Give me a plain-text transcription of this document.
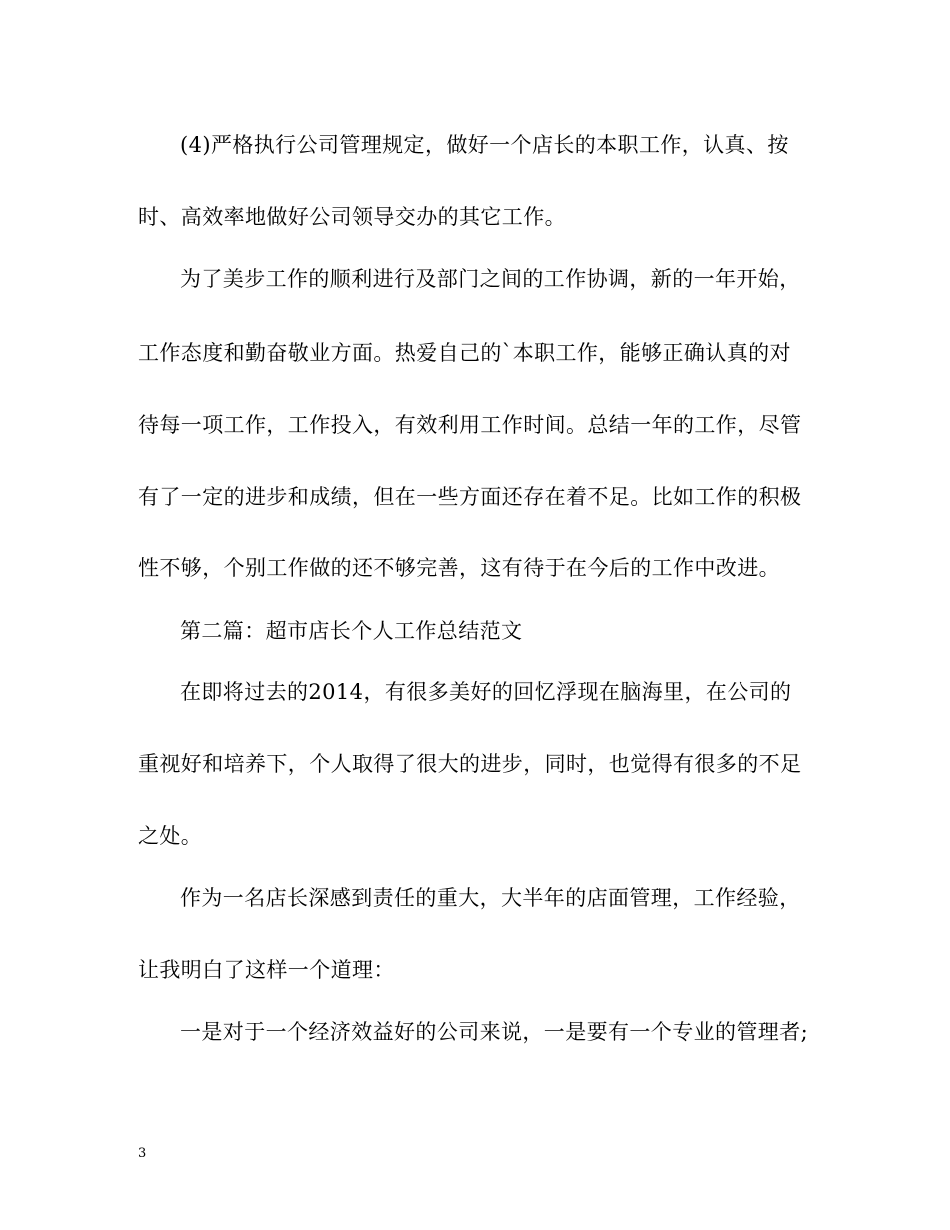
(4)严格执行公司管理规定，做好一个店长的本职工作，认真、按
时、高效率地做好公司领导交办的其它工作。
为了美步工作的顺利进行及部门之间的工作协调，新的一年开始，
工作态度和勤奋敬业方面。热爱自己的`本职工作，能够正确认真的对
待每一项工作，工作投入，有效利用工作时间。总结一年的工作，尽管
有了一定的进步和成绩，但在一些方面还存在着不足。比如工作的积极
性不够，个别工作做的还不够完善，这有待于在今后的工作中改进。
第二篇：超市店长个人工作总结范文
在即将过去的2014，有很多美好的回忆浮现在脑海里，在公司的
重视好和培养下，个人取得了很大的进步，同时，也觉得有很多的不足
之处。
作为一名店长深感到责任的重大，大半年的店面管理，工作经验，
让我明白了这样一个道理：
一是对于一个经济效益好的公司来说，一是要有一个专业的管理者;
3
